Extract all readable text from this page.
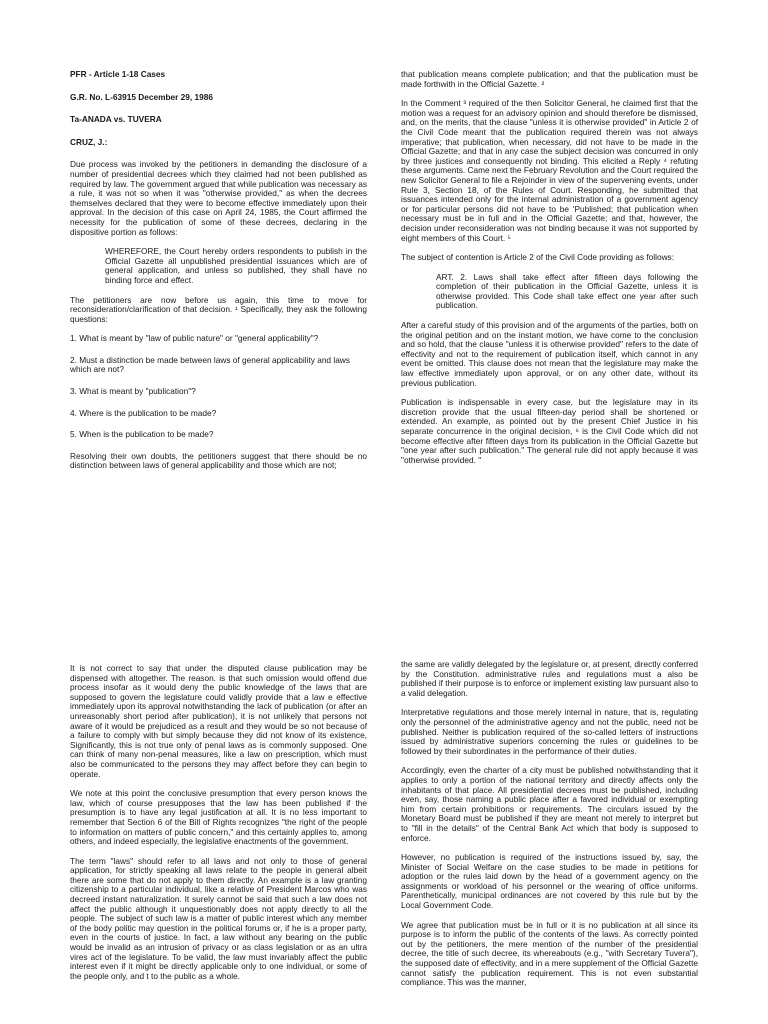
PFR - Article 1-18 Cases

G.R. No. L-63915 December 29, 1986

Ta-ANADA vs. TUVERA

CRUZ, J.:

Due process was invoked by the petitioners in demanding the disclosure of a number of presidential decrees which they claimed had not been published as required by law. The government argued that while publication was necessary as a rule, it was not so when it was "otherwise provided," as when the decrees themselves declared that they were to become effective immediately upon their approval. In the decision of this case on April 24, 1985, the Court affirmed the necessity for the publication of some of these decrees, declaring in the dispositive portion as follows:

WHEREFORE, the Court hereby orders respondents to publish in the Official Gazette all unpublished presidential issuances which are of general application, and unless so published, they shall have no binding force and effect.

The petitioners are now before us again, this time to move for reconsideration/clarification of that decision. ¹ Specifically, they ask the following questions:

1. What is meant by "law of public nature" or "general applicability"?

2. Must a distinction be made between laws of general applicability and laws which are not?

3. What is meant by "publication"?

4. Where is the publication to be made?

5. When is the publication to be made?

Resolving their own doubts, the petitioners suggest that there should be no distinction between laws of general applicability and those which are not;

that publication means complete publication; and that the publication must be made forthwith in the Official Gazette. ²

In the Comment ³ required of the then Solicitor General, he claimed first that the motion was a request for an advisory opinion and should therefore be dismissed, and, on the merits, that the clause "unless it is otherwise provided" in Article 2 of the Civil Code meant that the publication required therein was not always imperative; that publication, when necessary, did not have to be made in the Official Gazette; and that in any case the subject decision was concurred in only by three justices and consequently not binding. This elicited a Reply ⁴ refuting these arguments. Came next the February Revolution and the Court required the new Solicitor General to file a Rejoinder in view of the supervening events, under Rule 3, Section 18, of the Rules of Court. Responding, he submitted that issuances intended only for the internal administration of a government agency or for particular persons did not have to be 'Published; that publication when necessary must be in full and in the Official Gazette; and that, however, the decision under reconsideration was not binding because it was not supported by eight members of this Court. ⁵

The subject of contention is Article 2 of the Civil Code providing as follows:

ART. 2. Laws shall take effect after fifteen days following the completion of their publication in the Official Gazette, unless it is otherwise provided. This Code shall take effect one year after such publication.

After a careful study of this provision and of the arguments of the parties, both on the original petition and on the instant motion, we have come to the conclusion and so hold, that the clause "unless it is otherwise provided" refers to the date of effectivity and not to the requirement of publication itself, which cannot in any event be omitted. This clause does not mean that the legislature may make the law effective immediately upon approval, or on any other date, without its previous publication.

Publication is indispensable in every case, but the legislature may in its discretion provide that the usual fifteen-day period shall be shortened or extended. An example, as pointed out by the present Chief Justice in his separate concurrence in the original decision, ⁶ is the Civil Code which did not become effective after fifteen days from its publication in the Official Gazette but "one year after such publication." The general rule did not apply because it was "otherwise provided. "

It is not correct to say that under the disputed clause publication may be dispensed with altogether. The reason. is that such omission would offend due process insofar as it would deny the public knowledge of the laws that are supposed to govern the legislature could validly provide that a law e effective immediately upon its approval notwithstanding the lack of publication (or after an unreasonably short period after publication), it is not unlikely that persons not aware of it would be prejudiced as a result and they would be so not because of a failure to comply with but simply because they did not know of its existence, Significantly, this is not true only of penal laws as is commonly supposed. One can think of many non-penal measures, like a law on prescription, which must also be communicated to the persons they may affect before they can begin to operate.

We note at this point the conclusive presumption that every person knows the law, which of course presupposes that the law has been published if the presumption is to have any legal justification at all. It is no less important to remember that Section 6 of the Bill of Rights recognizes "the right of the people to information on matters of public concern," and this certainly applies to, among others, and indeed especially, the legislative enactments of the government.

The term "laws" should refer to all laws and not only to those of general application, for strictly speaking all laws relate to the people in general albeit there are some that do not apply to them directly. An example is a law granting citizenship to a particular individual, like a relative of President Marcos who was decreed instant naturalization. It surely cannot be said that such a law does not affect the public although it unquestionably does not apply directly to all the people. The subject of such law is a matter of public interest which any member of the body politic may question in the political forums or, if he is a proper party, even in the courts of justice. In fact, a law without any bearing on the public would be invalid as an intrusion of privacy or as class legislation or as an ultra vires act of the legislature. To be valid, the law must invariably affect the public interest even if it might be directly applicable only to one individual, or some of the people only, and t to the public as a whole.

the same are validly delegated by the legislature or, at present, directly conferred by the Constitution. administrative rules and regulations must a also be published if their purpose is to enforce or implement existing law pursuant also to a valid delegation.

Interpretative regulations and those merely internal in nature, that is, regulating only the personnel of the administrative agency and not the public, need not be published. Neither is publication required of the so-called letters of instructions issued by administrative superiors concerning the rules or guidelines to be followed by their subordinates in the performance of their duties.

Accordingly, even the charter of a city must be published notwithstanding that it applies to only a portion of the national territory and directly affects only the inhabitants of that place. All presidential decrees must be published, including even, say, those naming a public place after a favored individual or exempting him from certain prohibitions or requirements. The circulars issued by the Monetary Board must be published if they are meant not merely to interpret but to "fill in the details" of the Central Bank Act which that body is supposed to enforce.

However, no publication is required of the instructions issued by, say, the Minister of Social Welfare on the case studies to be made in petitions for adoption or the rules laid down by the head of a government agency on the assignments or workload of his personnel or the wearing of office uniforms. Parenthetically, municipal ordinances are not covered by this rule but by the Local Government Code.

We agree that publication must be in full or it is no publication at all since its purpose is to inform the public of the contents of the laws. As correctly pointed out by the petitioners, the mere mention of the number of the presidential decree, the title of such decree, its whereabouts (e.g., "with Secretary Tuvera"), the supposed date of effectivity, and in a mere supplement of the Official Gazette cannot satisfy the publication requirement. This is not even substantial compliance. This was the manner,
